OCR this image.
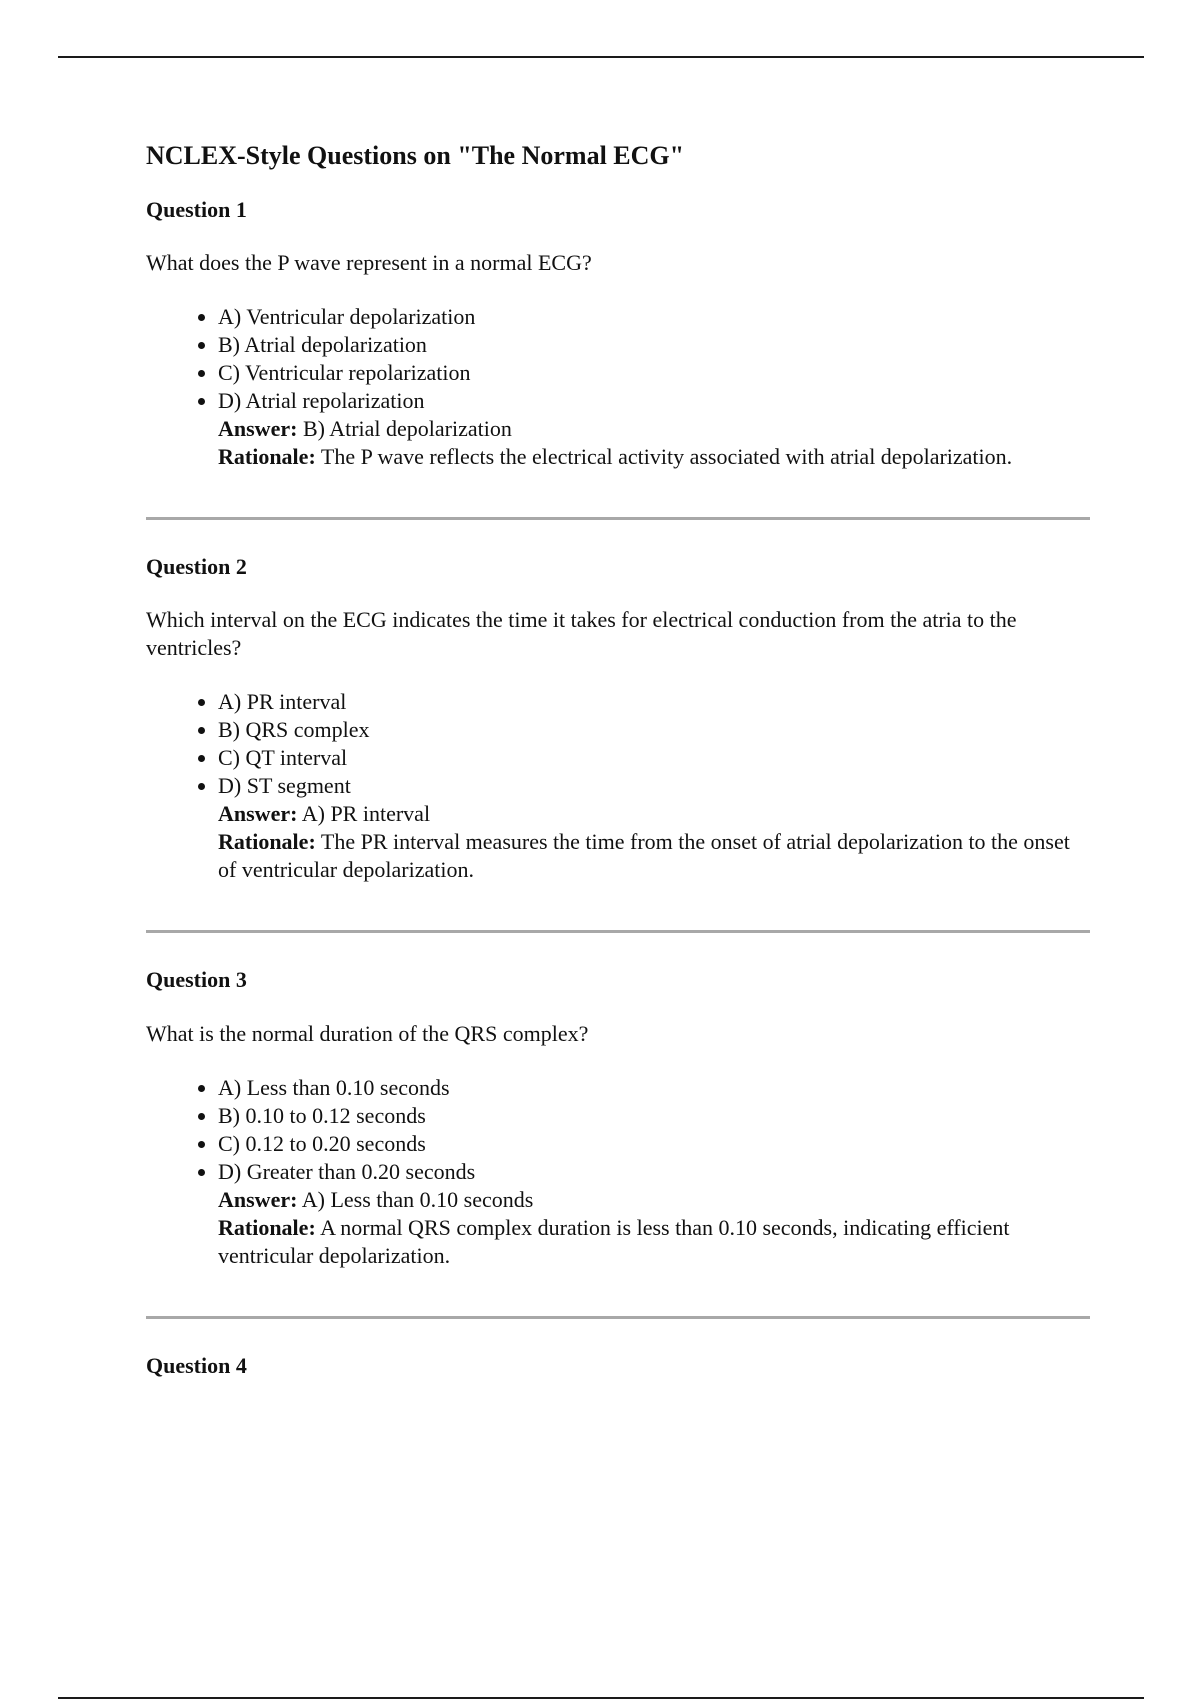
NCLEX-Style Questions on "The Normal ECG"
Question 1

What does the P wave represent in a normal ECG?

• A) Ventricular depolarization
• B) Atrial depolarization
• C) Ventricular repolarization
• D) Atrial repolarization
Answer: B) Atrial depolarization
Rationale: The P wave reflects the electrical activity associated with atrial depolarization.
Question 2

Which interval on the ECG indicates the time it takes for electrical conduction from the atria to the ventricles?

• A) PR interval
• B) QRS complex
• C) QT interval
• D) ST segment
Answer: A) PR interval
Rationale: The PR interval measures the time from the onset of atrial depolarization to the onset of ventricular depolarization.
Question 3

What is the normal duration of the QRS complex?

• A) Less than 0.10 seconds
• B) 0.10 to 0.12 seconds
• C) 0.12 to 0.20 seconds
• D) Greater than 0.20 seconds
Answer: A) Less than 0.10 seconds
Rationale: A normal QRS complex duration is less than 0.10 seconds, indicating efficient ventricular depolarization.
Question 4
